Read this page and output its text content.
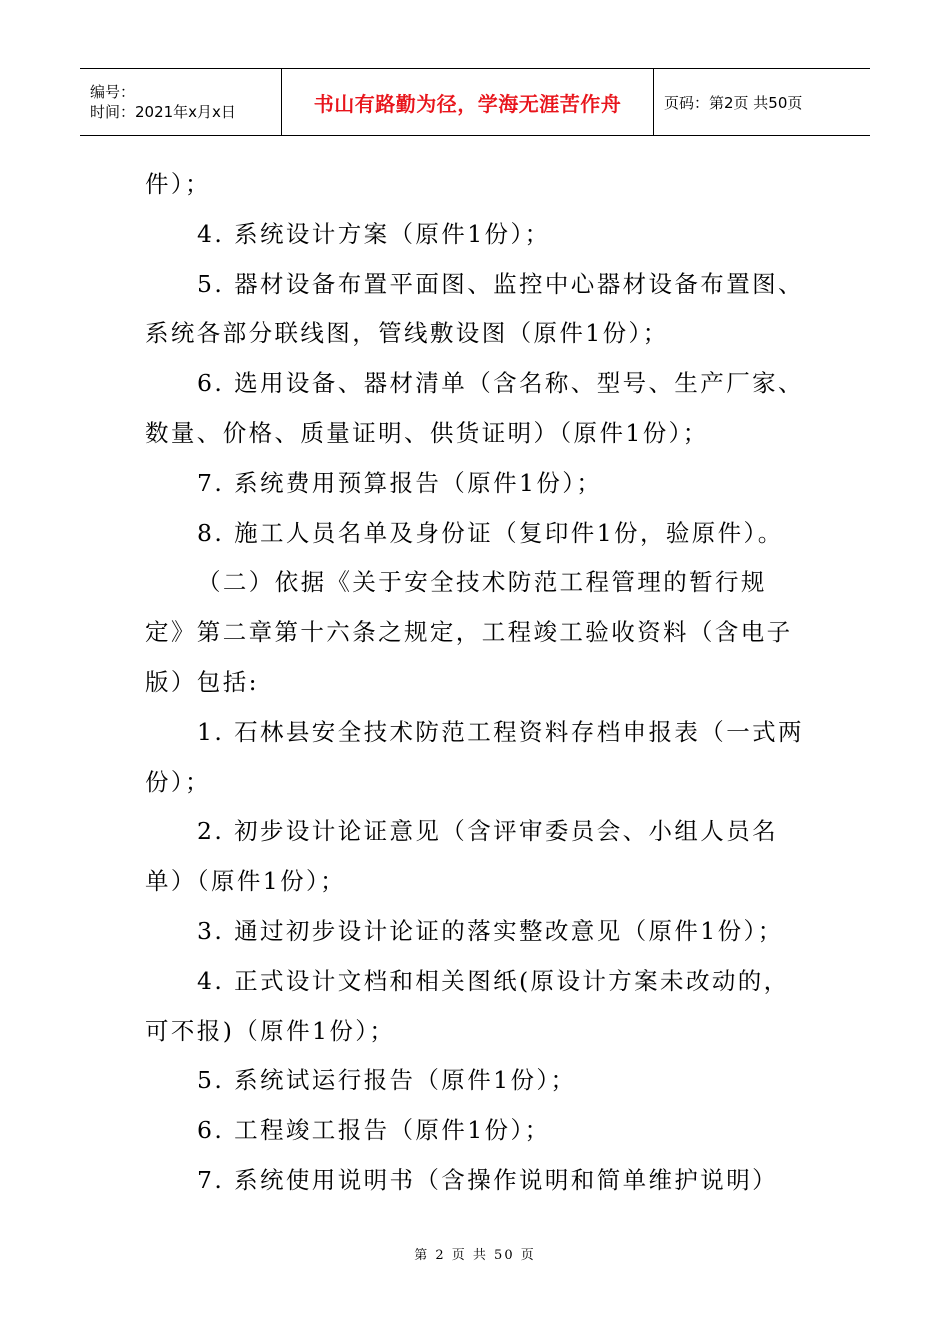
编号：
时间：2021年x月x日	书山有路勤为径，学海无涯苦作舟	页码：第2页 共50页

件）；

4. 系统设计方案（原件1份）；

5. 器材设备布置平面图、监控中心器材设备布置图、

系统各部分联线图，管线敷设图（原件1份）；

6. 选用设备、器材清单（含名称、型号、生产厂家、

数量、价格、质量证明、供货证明）（原件1份）；

7. 系统费用预算报告（原件1份）；

8. 施工人员名单及身份证（复印件1份，验原件）。

（二）依据《关于安全技术防范工程管理的暂行规

定》第二章第十六条之规定，工程竣工验收资料（含电子

版）包括:

1. 石林县安全技术防范工程资料存档申报表（一式两

份）；

2. 初步设计论证意见（含评审委员会、小组人员名

单）（原件1份）；

3. 通过初步设计论证的落实整改意见（原件1份）；

4. 正式设计文档和相关图纸(原设计方案未改动的，

可不报)（原件1份）；

5. 系统试运行报告（原件1份）；

6. 工程竣工报告（原件1份）；

7. 系统使用说明书（含操作说明和简单维护说明）

第 2 页 共 50 页
